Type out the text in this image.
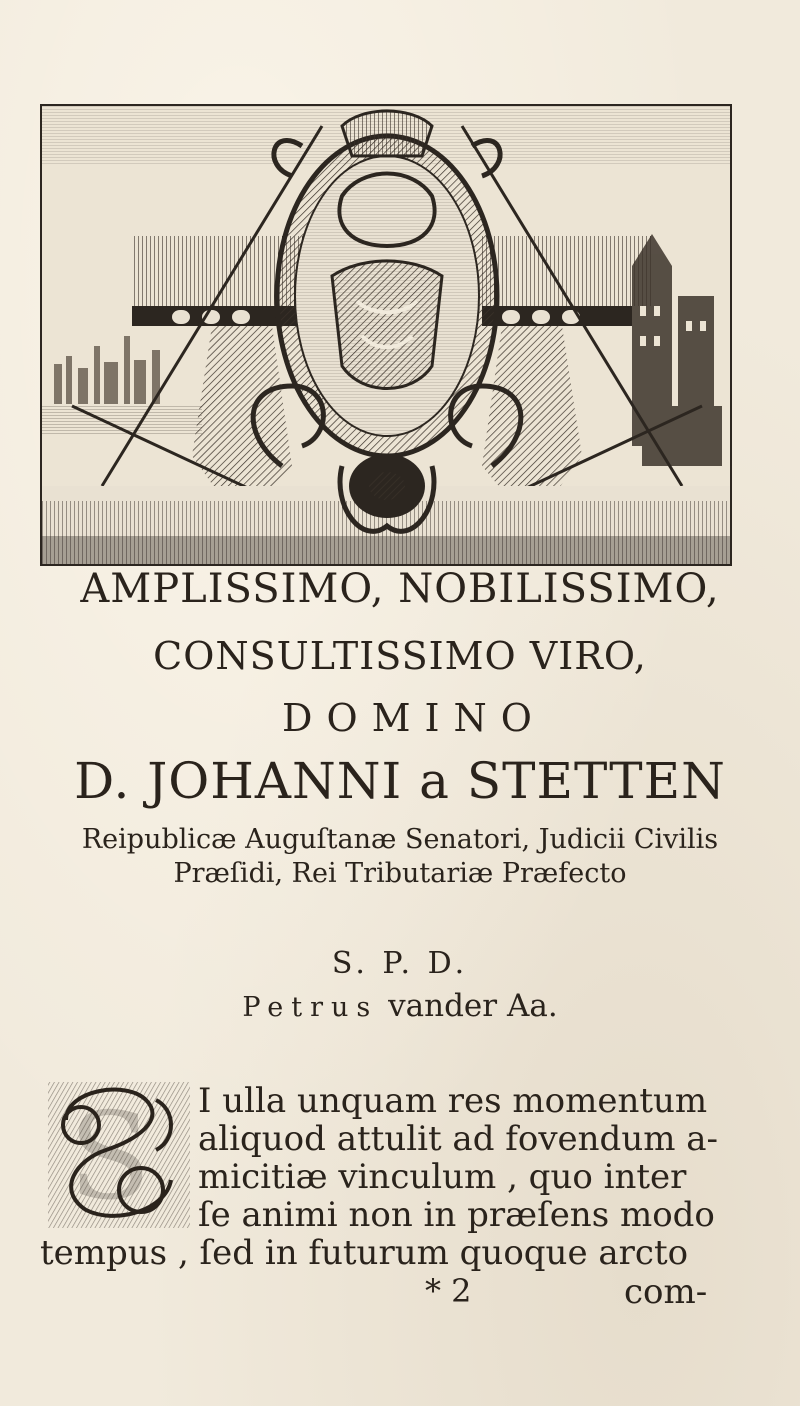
AMPLISSIMO, NOBILISSIMO,
CONSULTISSIMO VIRO,
DOMINO
D. JOHANNI a STETTEN
Reipublicæ Auguſtanæ Senatori, Judicii Civilis
Præſidi, Rei Tributariæ Præfecto
S. P. D.
Petrus vander Aa.
S I ulla unquam res momentum
aliquod attulit ad fovendum a-
micitiæ vinculum , quo inter
ſe animi non in præſens modo
tempus , ſed in futurum quoque arcto
* 2	com-
